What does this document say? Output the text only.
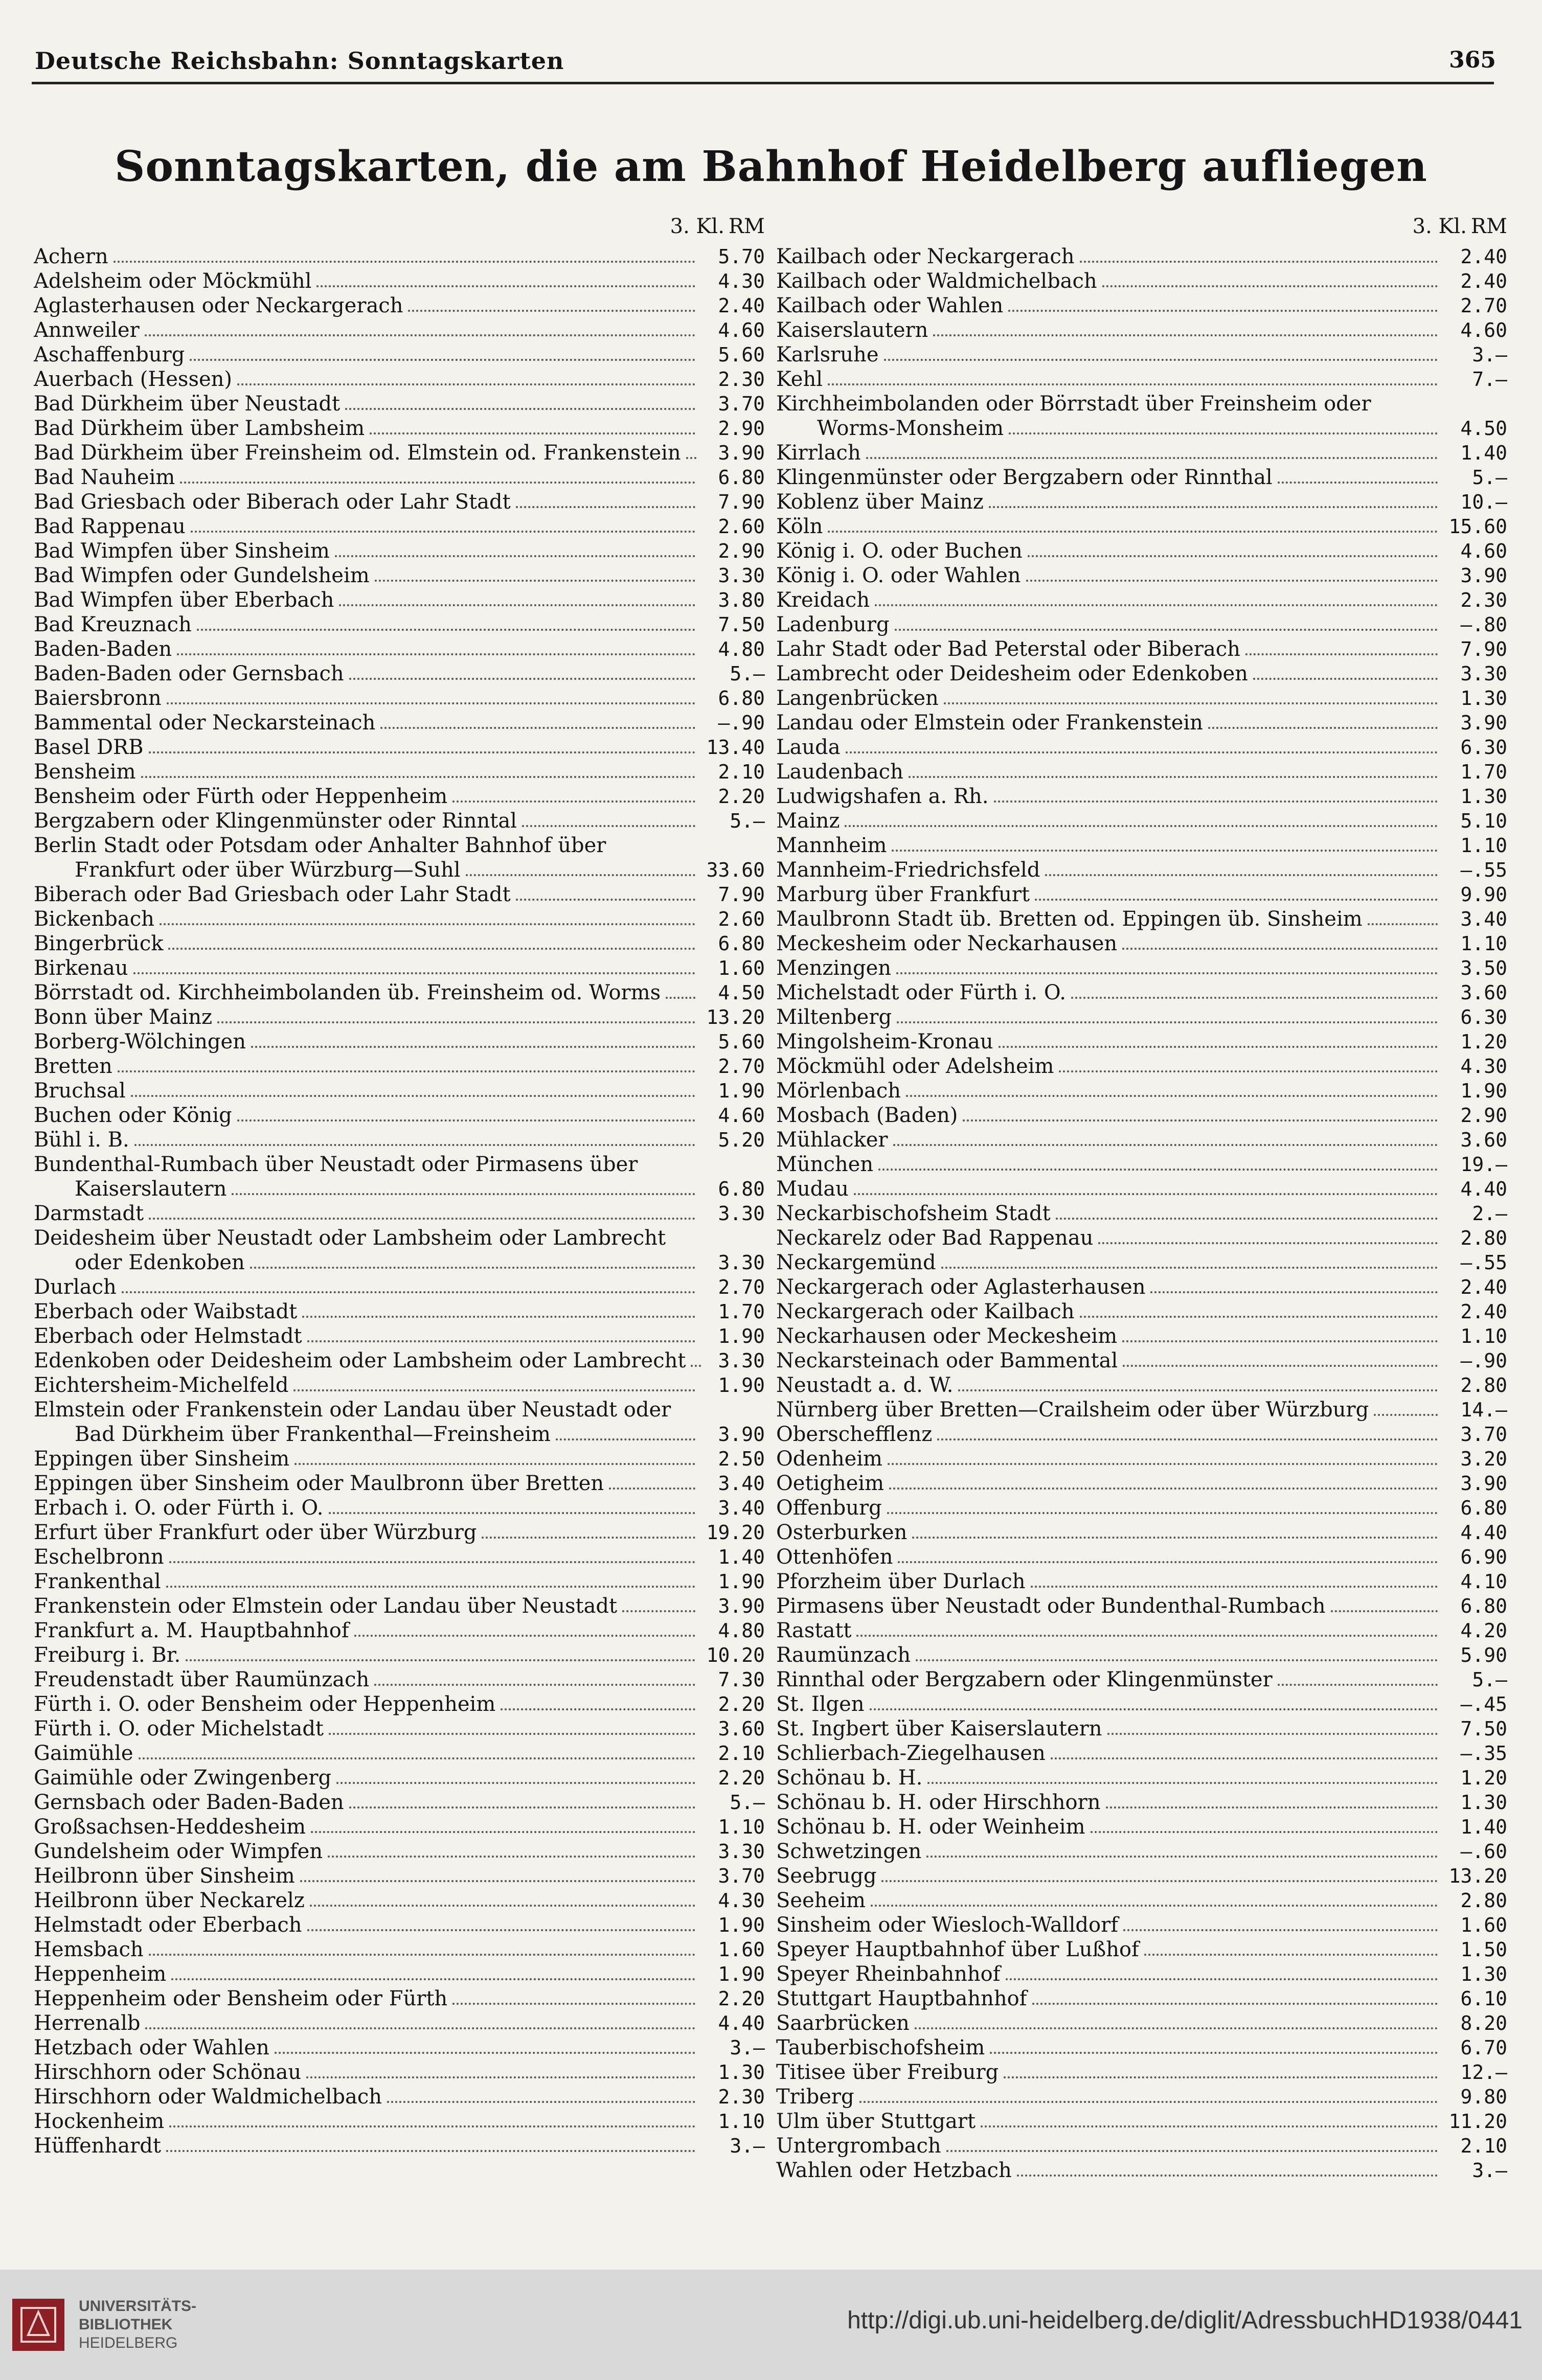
Deutsche Reichsbahn: Sonntagskarten	365
Sonntagskarten, die am Bahnhof Heidelberg aufliegen
3. Kl. RM
Achern	5.70
Adelsheim oder Möckmühl	4.30
Aglasterhausen oder Neckargerach	2.40
Annweiler	4.60
Aschaffenburg	5.60
Auerbach (Hessen)	2.30
Bad Dürkheim über Neustadt	3.70
Bad Dürkheim über Lambsheim	2.90
Bad Dürkheim über Freinsheim od. Elmstein od. Frankenstein	3.90
Bad Nauheim	6.80
Bad Griesbach oder Biberach oder Lahr Stadt	7.90
Bad Rappenau	2.60
Bad Wimpfen über Sinsheim	2.90
Bad Wimpfen oder Gundelsheim	3.30
Bad Wimpfen über Eberbach	3.80
Bad Kreuznach	7.50
Baden-Baden	4.80
Baden-Baden oder Gernsbach	5.—
Baiersbronn	6.80
Bammental oder Neckarsteinach	—.90
Basel DRB	13.40
Bensheim	2.10
Bensheim oder Fürth oder Heppenheim	2.20
Bergzabern oder Klingenmünster oder Rinntal	5.—
Berlin Stadt oder Potsdam oder Anhalter Bahnhof über
Frankfurt oder über Würzburg—Suhl	33.60
Biberach oder Bad Griesbach oder Lahr Stadt	7.90
Bickenbach	2.60
Bingerbrück	6.80
Birkenau	1.60
Börrstadt od. Kirchheimbolanden üb. Freinsheim od. Worms	4.50
Bonn über Mainz	13.20
Borberg-Wölchingen	5.60
Bretten	2.70
Bruchsal	1.90
Buchen oder König	4.60
Bühl i. B.	5.20
Bundenthal-Rumbach über Neustadt oder Pirmasens über
Kaiserslautern	6.80
Darmstadt	3.30
Deidesheim über Neustadt oder Lambsheim oder Lambrecht
oder Edenkoben	3.30
Durlach	2.70
Eberbach oder Waibstadt	1.70
Eberbach oder Helmstadt	1.90
Edenkoben oder Deidesheim oder Lambsheim oder Lambrecht	3.30
Eichtersheim-Michelfeld	1.90
Elmstein oder Frankenstein oder Landau über Neustadt oder
Bad Dürkheim über Frankenthal—Freinsheim	3.90
Eppingen über Sinsheim	2.50
Eppingen über Sinsheim oder Maulbronn über Bretten	3.40
Erbach i. O. oder Fürth i. O.	3.40
Erfurt über Frankfurt oder über Würzburg	19.20
Eschelbronn	1.40
Frankenthal	1.90
Frankenstein oder Elmstein oder Landau über Neustadt	3.90
Frankfurt a. M. Hauptbahnhof	4.80
Freiburg i. Br.	10.20
Freudenstadt über Raumünzach	7.30
Fürth i. O. oder Bensheim oder Heppenheim	2.20
Fürth i. O. oder Michelstadt	3.60
Gaimühle	2.10
Gaimühle oder Zwingenberg	2.20
Gernsbach oder Baden-Baden	5.—
Großsachsen-Heddesheim	1.10
Gundelsheim oder Wimpfen	3.30
Heilbronn über Sinsheim	3.70
Heilbronn über Neckarelz	4.30
Helmstadt oder Eberbach	1.90
Hemsbach	1.60
Heppenheim	1.90
Heppenheim oder Bensheim oder Fürth	2.20
Herrenalb	4.40
Hetzbach oder Wahlen	3.—
Hirschhorn oder Schönau	1.30
Hirschhorn oder Waldmichelbach	2.30
Hockenheim	1.10
Hüffenhardt	3.—
3. Kl. RM
Kailbach oder Neckargerach	2.40
Kailbach oder Waldmichelbach	2.40
Kailbach oder Wahlen	2.70
Kaiserslautern	4.60
Karlsruhe	3.—
Kehl	7.—
Kirchheimbolanden oder Börrstadt über Freinsheim oder
Worms-Monsheim	4.50
Kirrlach	1.40
Klingenmünster oder Bergzabern oder Rinnthal	5.—
Koblenz über Mainz	10.—
Köln	15.60
König i. O. oder Buchen	4.60
König i. O. oder Wahlen	3.90
Kreidach	2.30
Ladenburg	—.80
Lahr Stadt oder Bad Peterstal oder Biberach	7.90
Lambrecht oder Deidesheim oder Edenkoben	3.30
Langenbrücken	1.30
Landau oder Elmstein oder Frankenstein	3.90
Lauda	6.30
Laudenbach	1.70
Ludwigshafen a. Rh.	1.30
Mainz	5.10
Mannheim	1.10
Mannheim-Friedrichsfeld	—.55
Marburg über Frankfurt	9.90
Maulbronn Stadt üb. Bretten od. Eppingen üb. Sinsheim	3.40
Meckesheim oder Neckarhausen	1.10
Menzingen	3.50
Michelstadt oder Fürth i. O.	3.60
Miltenberg	6.30
Mingolsheim-Kronau	1.20
Möckmühl oder Adelsheim	4.30
Mörlenbach	1.90
Mosbach (Baden)	2.90
Mühlacker	3.60
München	19.—
Mudau	4.40
Neckarbischofsheim Stadt	2.—
Neckarelz oder Bad Rappenau	2.80
Neckargemünd	—.55
Neckargerach oder Aglasterhausen	2.40
Neckargerach oder Kailbach	2.40
Neckarhausen oder Meckesheim	1.10
Neckarsteinach oder Bammental	—.90
Neustadt a. d. W.	2.80
Nürnberg über Bretten—Crailsheim oder über Würzburg	14.—
Oberschefflenz	3.70
Odenheim	3.20
Oetigheim	3.90
Offenburg	6.80
Osterburken	4.40
Ottenhöfen	6.90
Pforzheim über Durlach	4.10
Pirmasens über Neustadt oder Bundenthal-Rumbach	6.80
Rastatt	4.20
Raumünzach	5.90
Rinnthal oder Bergzabern oder Klingenmünster	5.—
St. Ilgen	—.45
St. Ingbert über Kaiserslautern	7.50
Schlierbach-Ziegelhausen	—.35
Schönau b. H.	1.20
Schönau b. H. oder Hirschhorn	1.30
Schönau b. H. oder Weinheim	1.40
Schwetzingen	—.60
Seebrugg	13.20
Seeheim	2.80
Sinsheim oder Wiesloch-Walldorf	1.60
Speyer Hauptbahnhof über Lußhof	1.50
Speyer Rheinbahnhof	1.30
Stuttgart Hauptbahnhof	6.10
Saarbrücken	8.20
Tauberbischofsheim	6.70
Titisee über Freiburg	12.—
Triberg	9.80
Ulm über Stuttgart	11.20
Untergrombach	2.10
Wahlen oder Hetzbach	3.—
UNIVERSITÄTS-
BIBLIOTHEK
HEIDELBERG
http://digi.ub.uni-heidelberg.de/diglit/AdressbuchHD1938/0441
